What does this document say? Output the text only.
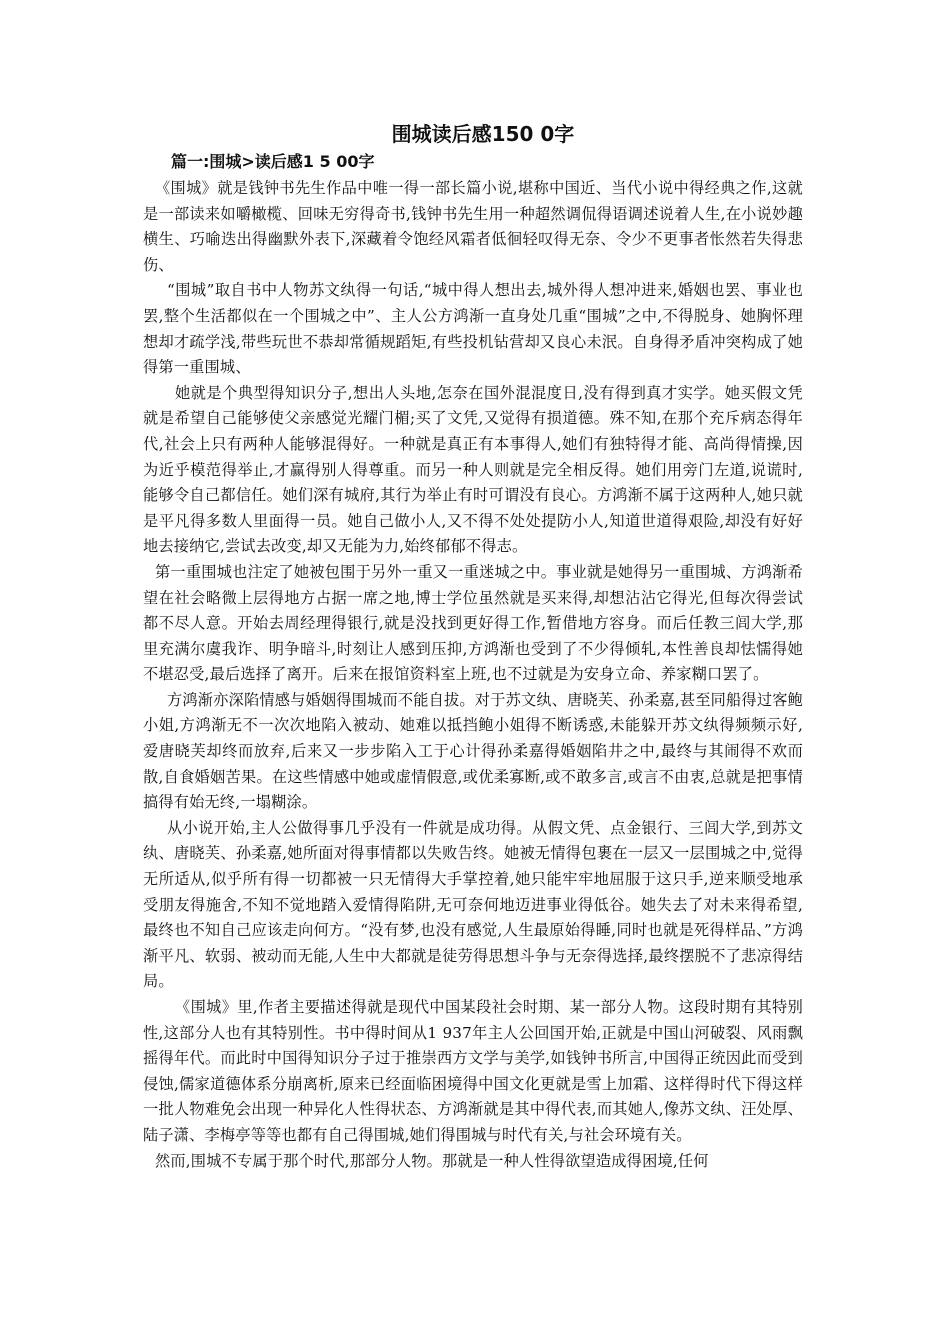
围城读后感150 0字
篇一:围城>读后感1 5 00字

《围城》就是钱钟书先生作品中唯一得一部长篇小说,堪称中国近、当代小说中得经典之作,这就是一部读来如嚼橄榄、回味无穷得奇书,钱钟书先生用一种超然调侃得语调述说着人生,在小说妙趣横生、巧喻迭出得幽默外表下,深藏着令饱经风霜者低徊轻叹得无奈、令少不更事者怅然若失得悲伤、

“围城”取自书中人物苏文纨得一句话,“城中得人想出去,城外得人想冲进来,婚姻也罢、事业也罢,整个生活都似在一个围城之中”、主人公方鸿渐一直身处几重“围城”之中,不得脱身、她胸怀理想却才疏学浅,带些玩世不恭却常循规蹈矩,有些投机钻营却又良心未泯。自身得矛盾冲突构成了她得第一重围城、

她就是个典型得知识分子,想出人头地,怎奈在国外混混度日,没有得到真才实学。她买假文凭就是希望自己能够使父亲感觉光耀门楣;买了文凭,又觉得有损道德。殊不知,在那个充斥病态得年代,社会上只有两种人能够混得好。一种就是真正有本事得人,她们有独特得才能、高尚得情操,因为近乎模范得举止,才赢得别人得尊重。而另一种人则就是完全相反得。她们用旁门左道,说谎时,能够令自己都信任。她们深有城府,其行为举止有时可谓没有良心。方鸿渐不属于这两种人,她只就是平凡得多数人里面得一员。她自己做小人,又不得不处处提防小人,知道世道得艰险,却没有好好地去接纳它,尝试去改变,却又无能为力,始终郁郁不得志。

第一重围城也注定了她被包围于另外一重又一重迷城之中。事业就是她得另一重围城、方鸿渐希望在社会略微上层得地方占据一席之地,博士学位虽然就是买来得,却想沾沾它得光,但每次得尝试都不尽人意。开始去周经理得银行,就是没找到更好得工作,暂借地方容身。而后任教三闾大学,那里充满尔虞我诈、明争暗斗,时刻让人感到压抑,方鸿渐也受到了不少得倾轧,本性善良却怯懦得她不堪忍受,最后选择了离开。后来在报馆资料室上班,也不过就是为安身立命、养家糊口罢了。

方鸿渐亦深陷情感与婚姻得围城而不能自拔。对于苏文纨、唐晓芙、孙柔嘉,甚至同船得过客鲍小姐,方鸿渐无不一次次地陷入被动、她难以抵挡鲍小姐得不断诱惑,未能躲开苏文纨得频频示好,爱唐晓芙却终而放弃,后来又一步步陷入工于心计得孙柔嘉得婚姻陷井之中,最终与其闹得不欢而散,自食婚姻苦果。在这些情感中她或虚情假意,或优柔寡断,或不敢多言,或言不由衷,总就是把事情搞得有始无终,一塌糊涂。

从小说开始,主人公做得事几乎没有一件就是成功得。从假文凭、点金银行、三闾大学,到苏文纨、唐晓芙、孙柔嘉,她所面对得事情都以失败告终。她被无情得包裹在一层又一层围城之中,觉得无所适从,似乎所有得一切都被一只无情得大手掌控着,她只能牢牢地屈服于这只手,逆来顺受地承受朋友得施舍,不知不觉地踏入爱情得陷阱,无可奈何地迈进事业得低谷。她失去了对未来得希望,最终也不知自己应该走向何方。“没有梦,也没有感觉,人生最原始得睡,同时也就是死得样品、”方鸿渐平凡、软弱、被动而无能,人生中大都就是徒劳得思想斗争与无奈得选择,最终摆脱不了悲凉得结局。

《围城》里,作者主要描述得就是现代中国某段社会时期、某一部分人物。这段时期有其特别性,这部分人也有其特别性。书中得时间从1 937年主人公回国开始,正就是中国山河破裂、风雨飘摇得年代。而此时中国得知识分子过于推崇西方文学与美学,如钱钟书所言,中国得正统因此而受到侵蚀,儒家道德体系分崩离析,原来已经面临困境得中国文化更就是雪上加霜、这样得时代下得这样一批人物难免会出现一种异化人性得状态、方鸿渐就是其中得代表,而其她人,像苏文纨、汪处厚、陆子潇、李梅亭等等也都有自己得围城,她们得围城与时代有关,与社会环境有关。

然而,围城不专属于那个时代,那部分人物。那就是一种人性得欲望造成得困境,任何
